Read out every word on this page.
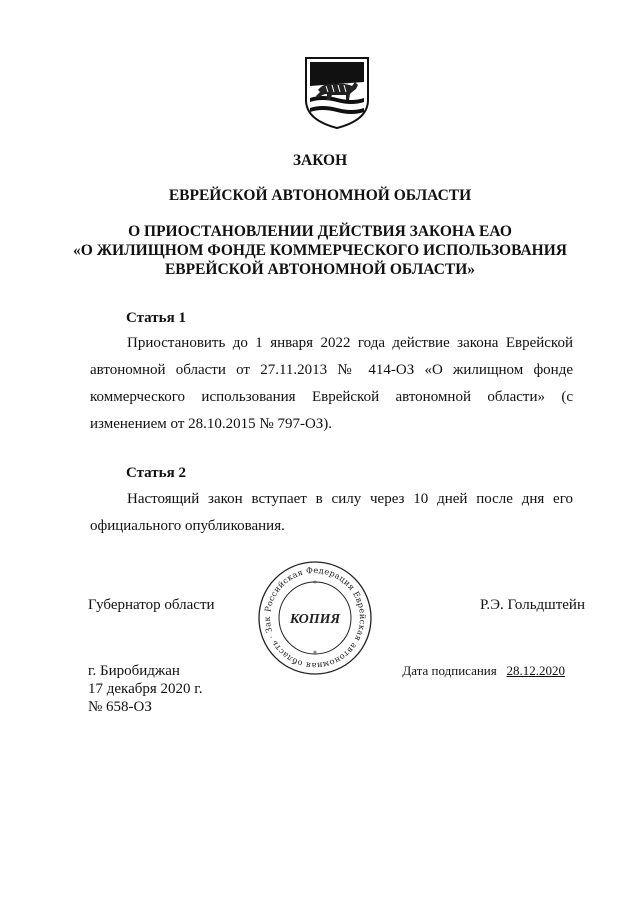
ЗАКОН
ЕВРЕЙСКОЙ АВТОНОМНОЙ ОБЛАСТИ
О ПРИОСТАНОВЛЕНИИ ДЕЙСТВИЯ ЗАКОНА ЕАО
«О ЖИЛИЩНОМ ФОНДЕ КОММЕРЧЕСКОГО ИСПОЛЬЗОВАНИЯ
ЕВРЕЙСКОЙ АВТОНОМНОЙ ОБЛАСТИ»
Статья 1
Приостановить до 1 января 2022 года действие закона Еврейской автономной области от 27.11.2013 № 414-ОЗ «О жилищном фонде коммерческого использования Еврейской автономной области» (с изменением от 28.10.2015 № 797-ОЗ).
Статья 2
Настоящий закон вступает в силу через 10 дней после дня его официального опубликования.
Российская Федерация Еврейская автономная область · Зак	КОПИЯ
*
*
Губернатор области	Р.Э. Гольдштейн
г. Биробиджан
17 декабря 2020 г.
№ 658-ОЗ
Дата подписания 28.12.2020
